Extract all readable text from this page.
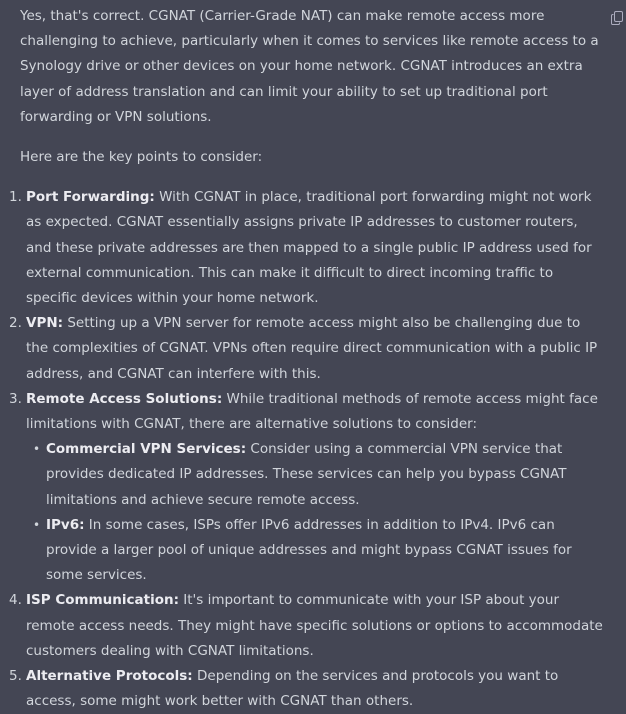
Yes, that's correct. CGNAT (Carrier-Grade NAT) can make remote access more challenging to achieve, particularly when it comes to services like remote access to a Synology drive or other devices on your home network. CGNAT introduces an extra layer of address translation and can limit your ability to set up traditional port forwarding or VPN solutions.

Here are the key points to consider:

1. Port Forwarding: With CGNAT in place, traditional port forwarding might not work as expected. CGNAT essentially assigns private IP addresses to customer routers, and these private addresses are then mapped to a single public IP address used for external communication. This can make it difficult to direct incoming traffic to specific devices within your home network.
2. VPN: Setting up a VPN server for remote access might also be challenging due to the complexities of CGNAT. VPNs often require direct communication with a public IP address, and CGNAT can interfere with this.
3. Remote Access Solutions: While traditional methods of remote access might face limitations with CGNAT, there are alternative solutions to consider:
• Commercial VPN Services: Consider using a commercial VPN service that provides dedicated IP addresses. These services can help you bypass CGNAT limitations and achieve secure remote access.
• IPv6: In some cases, ISPs offer IPv6 addresses in addition to IPv4. IPv6 can provide a larger pool of unique addresses and might bypass CGNAT issues for some services.
4. ISP Communication: It's important to communicate with your ISP about your remote access needs. They might have specific solutions or options to accommodate customers dealing with CGNAT limitations.
5. Alternative Protocols: Depending on the services and protocols you want to access, some might work better with CGNAT than others.
